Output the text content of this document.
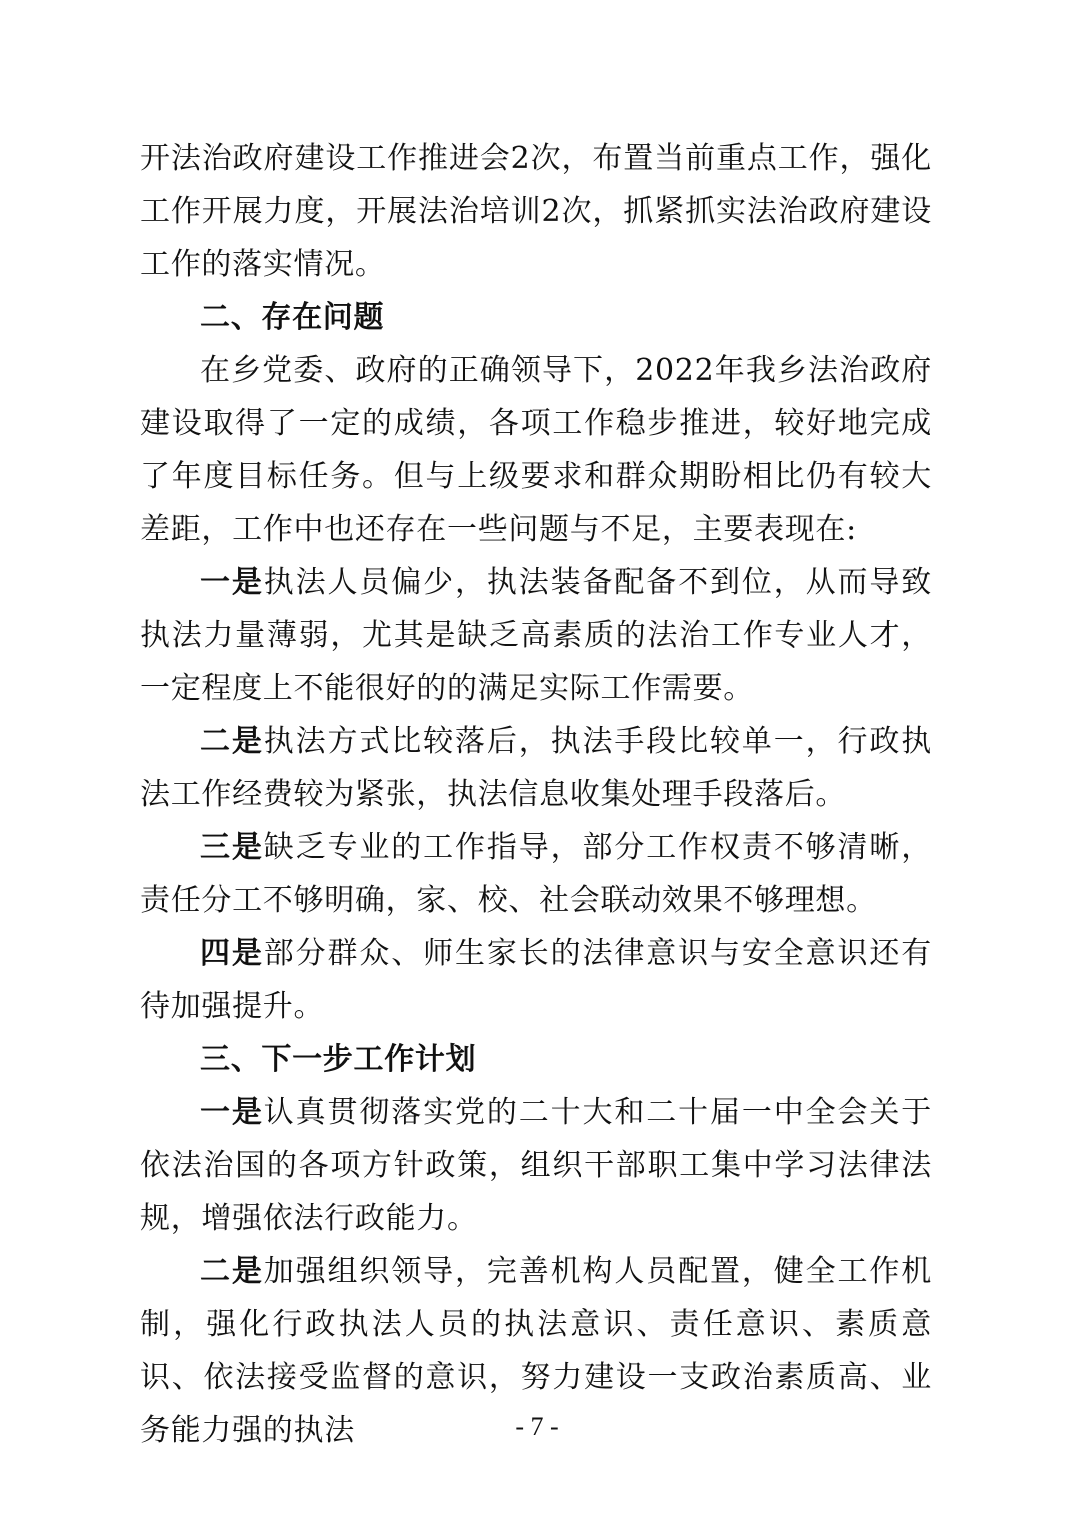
开法治政府建设工作推进会2次，布置当前重点工作，强化工作开展力度，开展法治培训2次，抓紧抓实法治政府建设工作的落实情况。

二、存在问题

在乡党委、政府的正确领导下，2022年我乡法治政府建设取得了一定的成绩，各项工作稳步推进，较好地完成了年度目标任务。但与上级要求和群众期盼相比仍有较大差距，工作中也还存在一些问题与不足，主要表现在:

一是执法人员偏少，执法装备配备不到位，从而导致执法力量薄弱，尤其是缺乏高素质的法治工作专业人才，一定程度上不能很好的的满足实际工作需要。

二是执法方式比较落后，执法手段比较单一，行政执法工作经费较为紧张，执法信息收集处理手段落后。

三是缺乏专业的工作指导，部分工作权责不够清晰，责任分工不够明确，家、校、社会联动效果不够理想。

四是部分群众、师生家长的法律意识与安全意识还有待加强提升。

三、下一步工作计划

一是认真贯彻落实党的二十大和二十届一中全会关于依法治国的各项方针政策，组织干部职工集中学习法律法规，增强依法行政能力。

二是加强组织领导，完善机构人员配置，健全工作机制，强化行政执法人员的执法意识、责任意识、素质意识、依法接受监督的意识，努力建设一支政治素质高、业务能力强的执法	- 7 -
